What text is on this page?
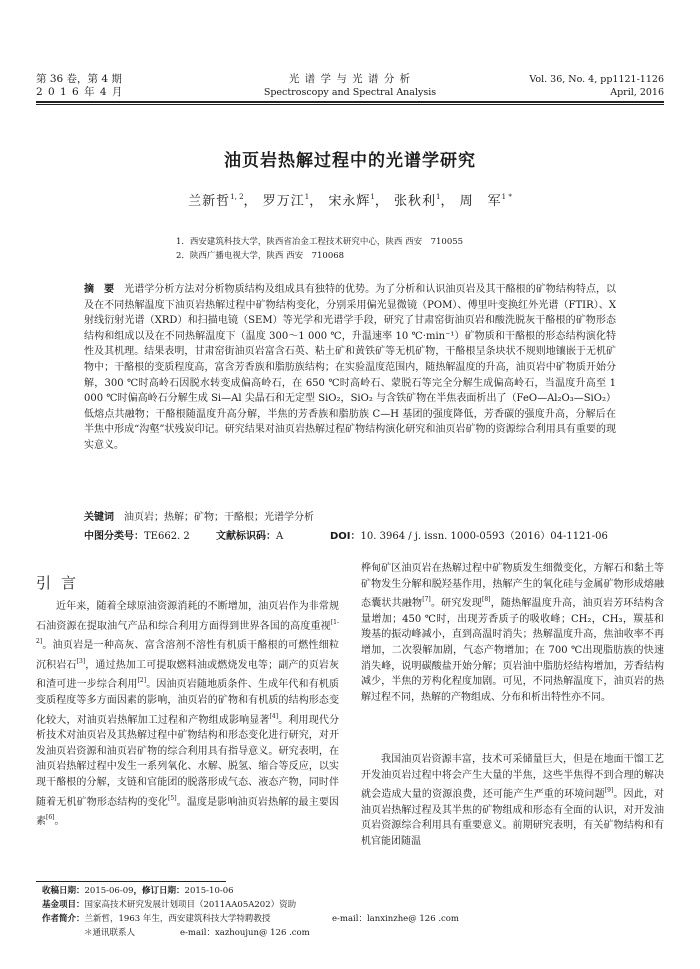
第 36 卷，第 4 期
2 0 1 6 年 4 月
光 谱 学 与 光 谱 分 析
Spectroscopy and Spectral Analysis
Vol. 36, No. 4, pp1121-1126
April, 2016
油页岩热解过程中的光谱学研究
兰新哲$^{1, 2}$， 罗万江$^1$， 宋永辉$^1$， 张秋利$^1$， 周　军$^{1 *}$
1．西安建筑科技大学，陕西省冶金工程技术研究中心，陕西 西安　710055
2．陕西广播电视大学，陕西 西安　710068

摘　要　 光谱学分析方法对分析物质结构及组成具有独特的优势。为了分析和认识油页岩及其干酪根的矿物结构特点，以及在不同热解温度下油页岩热解过程中矿物结构变化，分别采用偏光显微镜（POM）、傅里叶变换红外光谱（FTIR）、X 射线衍射光谱（XRD）和扫描电镜（SEM）等光学和光谱学手段，研究了甘肃窑街油页岩和酸洗脱灰干酪根的矿物形态结构和组成以及在不同热解温度下（温度 300～1 000 ℃，升温速率 10 ℃·min⁻¹）矿物质和干酪根的形态结构演化特性及其机理。结果表明，甘肃窑街油页岩富含石英、粘土矿和黄铁矿等无机矿物，干酪根呈条块状不规则地镶嵌于无机矿物中；干酪根的变质程度高，富含芳香族和脂肪族结构；在实验温度范围内，随热解温度的升高，油页岩中矿物质开始分解，300 ℃时高岭石因脱水转变成偏高岭石，在 650 ℃时高岭石、蒙脱石等完全分解生成偏高岭石，当温度升高至 1 000 ℃时偏高岭石分解生成 Si—Al 尖晶石和无定型 SiO₂，SiO₂ 与含铁矿物在半焦表面析出了（FeO—Al₂O₃—SiO₂）低熔点共融物；干酪根随温度升高分解，半焦的芳香族和脂肪族 C—H 基团的强度降低，芳香碳的强度升高，分解后在半焦中形成“沟壑”状残炭印记。研究结果对油页岩热解过程矿物结构演化研究和油页岩矿物的资源综合利用具有重要的现实意义。

关键词　 油页岩；热解；矿物；干酪根；光谱学分析
中图分类号：TE662. 2	文献标识码：A	DOI：10. 3964 / j. issn. 1000-0593（2016）04-1121-06
引言

近年来，随着全球原油资源消耗的不断增加，油页岩作为非常规石油资源在提取油气产品和综合利用方面得到世界各国的高度重视[1-2]。油页岩是一种高灰、富含溶剂不溶性有机质干酪根的可燃性细粒沉积岩石[3]，通过热加工可提取燃料油或燃烧发电等；副产的页岩灰和渣可进一步综合利用[2]。因油页岩随地质条件、生成年代和有机质变质程度等多方面因素的影响，油页岩的矿物和有机质的结构形态变化较大，对油页岩热解加工过程和产物组成影响显著[4]。利用现代分析技术对油页岩及其热解过程中矿物结构和形态变化进行研究，对开发油页岩资源和油页岩矿物的综合利用具有指导意义。研究表明，在油页岩热解过程中发生一系列氧化、水解、脱氢、缩合等反应，以实现干酪根的分解，支链和官能团的脱落形成气态、液态产物，同时伴随着无机矿物形态结构的变化[5]。温度是影响油页岩热解的最主要因素[6]。

桦甸矿区油页岩在热解过程中矿物质发生细微变化，方解石和黏土等矿物发生分解和脱羟基作用，热解产生的氧化硅与金属矿物形成熔融态囊状共融物[7]。研究发现[8]，随热解温度升高，油页岩芳环结构含量增加；450 ℃时，出现芳香质子的吸收峰；CH₂，CH₃，羰基和羧基的振动峰减小，直到高温时消失；热解温度升高，焦油收率不再增加，二次裂解加剧，气态产物增加；在 700 ℃出现脂肪族的快速消失峰，说明碳酸盐开始分解；页岩油中脂肪烃结构增加，芳香结构减少，半焦的芳构化程度加剧。可见，不同热解温度下，油页岩的热解过程不同，热解的产物组成、分布和析出特性亦不同。

我国油页岩资源丰富，技术可采储量巨大，但是在地面干馏工艺开发油页岩过程中将会产生大量的半焦，这些半焦得不到合理的解决就会造成大量的资源浪费，还可能产生严重的环境问题[9]。因此，对油页岩热解过程及其半焦的矿物组成和形态有全面的认识，对开发油页岩资源综合利用具有重要意义。前期研究表明，有关矿物结构和有机官能团随温

收稿日期：2015-06-09，修订日期：2015-10-06
基金项目：国家高技术研究发展计划项目（2011AA05A202）资助
作者简介：兰新哲，1963 年生，西安建筑科技大学特聘教授	e-mail：lanxinzhe@ 126 .com
＊通讯联系人	e-mail：xazhoujun@ 126 .com
